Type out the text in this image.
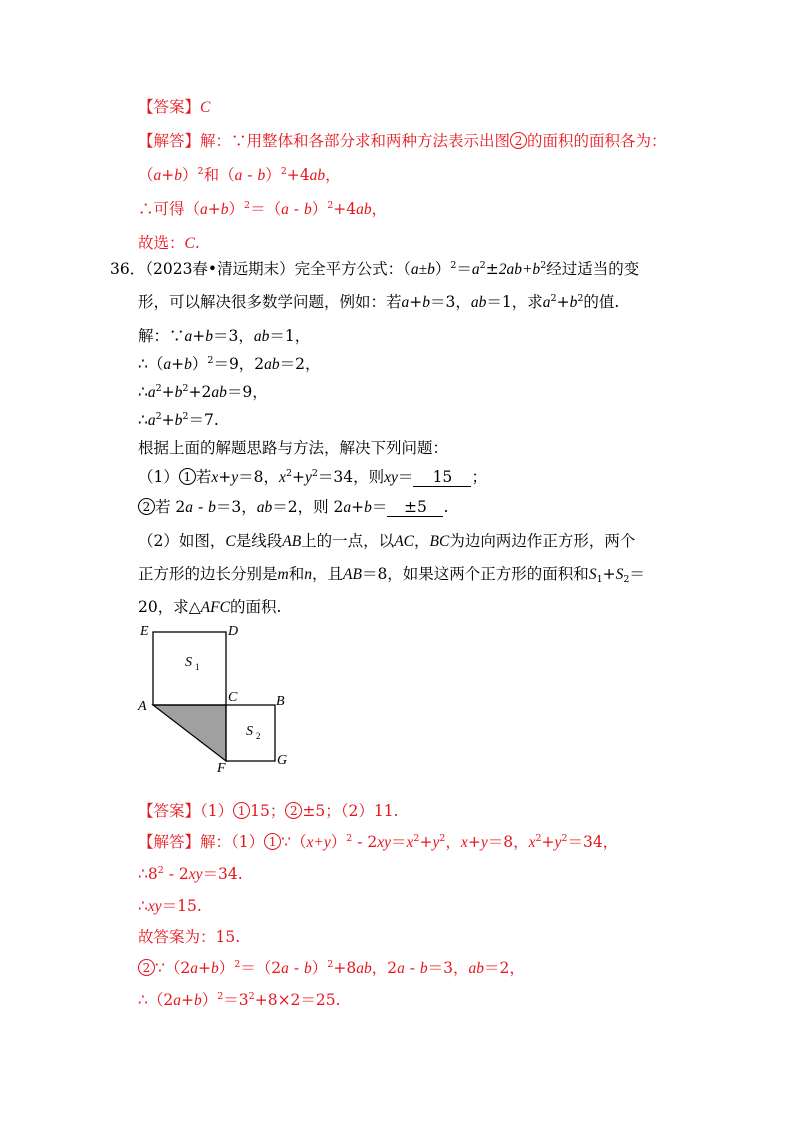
【答案】C
【解答】解：∵用整体和各部分求和两种方法表示出图 2 的面积的面积各为：
$(a+b)^2$和（a - b）$^2$+4ab，
∴可得$(a+b)^2=(a - b)^2+4ab$，
故选：C.
36．（2023春•清远期末）完全平方公式：$(a\pm b)^2=a^2\pm 2ab+b^2$经过适当的变
形，可以解决很多数学问题，例如：若a+b＝3，ab＝1，求$a^2+b^2$的值.
解：∵a+b＝3，ab＝1，
$\therefore(a+b)^2=9$，2ab＝2，
$\therefore a^2+b^2+2ab=9$，
$\therefore a^2+b^2=7$.
根据上面的解题思路与方法，解决下列问题：
（1） 1 若x+y＝8，$x^2+y^2=34$，则xy＝ 15 ；
2 若 2a - b＝3，ab＝2，则 2a+b＝ ±5 .
（2）如图，C是线段AB上的一点，以AC，BC为边向两边作正方形，两个
正方形的边长分别是m和n，且AB＝8，如果这两个正方形的面积和$S_1+S_2=$
20，求△AFC的面积.
E	D
A
C	B
F
G
S 1
S 2
【答案】（1） 1 15； 2 ±5；（2）11.
【解答】解：（1） 1 $\because(x+y)^2 - 2xy=x^2+y^2$，x+y＝8，$x^2+y^2=34$，
$\therefore 8^2 - 2xy=34$.
∴xy＝15.
故答案为：15.
2 $\because(2a+b)^2=(2a - b)^2+8ab$，2a - b＝3，ab＝2，
$\therefore(2a+b)^2=3^2+8\times 2=25$.
